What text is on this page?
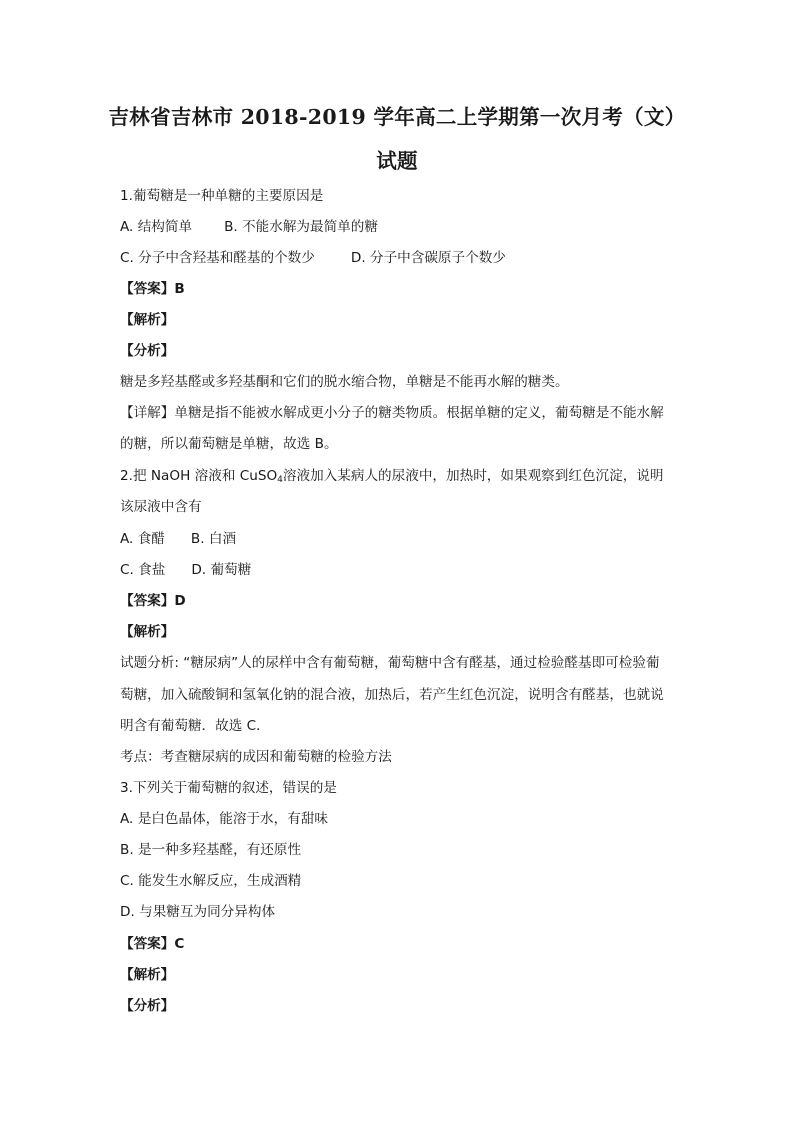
吉林省吉林市 2018-2019 学年高二上学期第一次月考（文）
试题
1.葡萄糖是一种单糖的主要原因是
A. 结构简单 B. 不能水解为最简单的糖
C. 分子中含羟基和醛基的个数少	D. 分子中含碳原子个数少
【答案】B
【解析】
【分析】
糖是多羟基醛或多羟基酮和它们的脱水缩合物，单糖是不能再水解的糖类。
【详解】单糖是指不能被水解成更小分子的糖类物质。根据单糖的定义，葡萄糖是不能水解
的糖，所以葡萄糖是单糖，故选 B。
2.把 NaOH 溶液和 CuSO$_4$溶液加入某病人的尿液中，加热时，如果观察到红色沉淀，说明
该尿液中含有
A. 食醋 B. 白酒
C. 食盐 D. 葡萄糖
【答案】D
【解析】
试题分析: “糖尿病”人的尿样中含有葡萄糖，葡萄糖中含有醛基，通过检验醛基即可检验葡
萄糖，加入硫酸铜和氢氧化钠的混合液，加热后，若产生红色沉淀，说明含有醛基，也就说
明含有葡萄糖．故选 C．
考点：考查糖尿病的成因和葡萄糖的检验方法
3.下列关于葡萄糖的叙述，错误的是
A. 是白色晶体，能溶于水，有甜味
B. 是一种多羟基醛，有还原性
C. 能发生水解反应，生成酒精
D. 与果糖互为同分异构体
【答案】C
【解析】
【分析】
